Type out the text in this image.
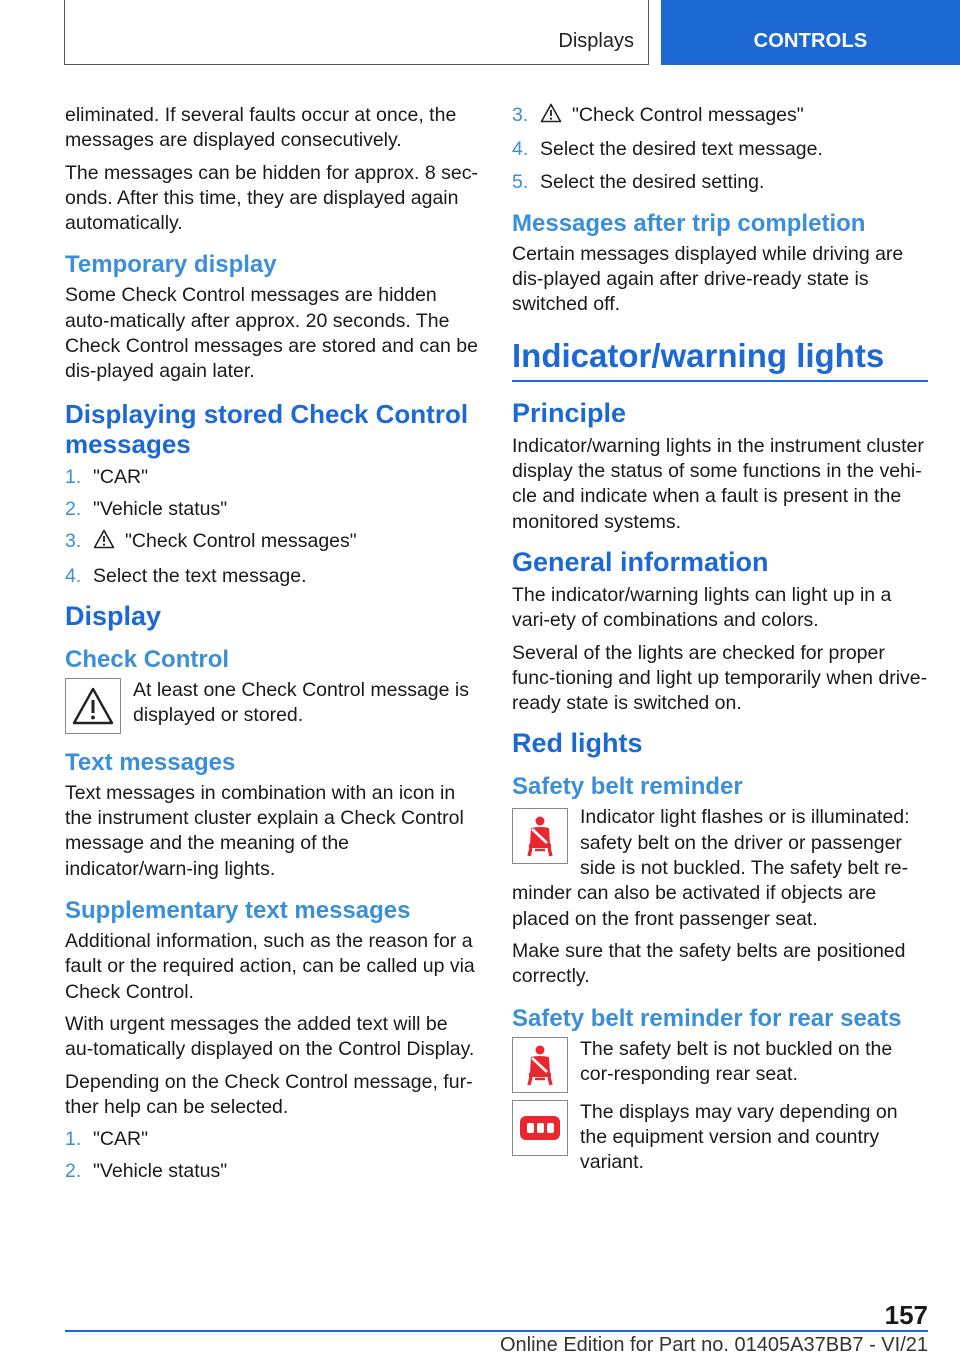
Displays	CONTROLS

eliminated. If several faults occur at once, the messages are displayed consecutively.

The messages can be hidden for approx. 8 sec‐onds. After this time, they are displayed again automatically.

Temporary display

Some Check Control messages are hidden auto‐matically after approx. 20 seconds. The Check Control messages are stored and can be dis‐played again later.

Displaying stored Check Control messages
1. "CAR"
2. "Vehicle status"
3.	"Check Control messages"
4. Select the text message.
Display
Check Control

At least one Check Control message is displayed or stored.

Text messages

Text messages in combination with an icon in the instrument cluster explain a Check Control message and the meaning of the indicator/warn‐ing lights.

Supplementary text messages

Additional information, such as the reason for a fault or the required action, can be called up via Check Control.

With urgent messages the added text will be au‐tomatically displayed on the Control Display.

Depending on the Check Control message, fur‐ther help can be selected.

1. "CAR"
2. "Vehicle status"
3.	"Check Control messages"
4. Select the desired text message.
5. Select the desired setting.
Messages after trip completion

Certain messages displayed while driving are dis‐played again after drive-ready state is switched off.

Indicator/warning lights
Principle

Indicator/warning lights in the instrument cluster display the status of some functions in the vehi‐cle and indicate when a fault is present in the monitored systems.

General information

The indicator/warning lights can light up in a vari‐ety of combinations and colors.

Several of the lights are checked for proper func‐tioning and light up temporarily when drive-ready state is switched on.

Red lights
Safety belt reminder

Indicator light flashes or is illuminated: safety belt on the driver or passenger side is not buckled. The safety belt re‐minder can also be activated if objects are placed on the front passenger seat.

Make sure that the safety belts are positioned correctly.

Safety belt reminder for rear seats

The safety belt is not buckled on the cor‐responding rear seat.

The displays may vary depending on the equipment version and country variant.

157
Online Edition for Part no. 01405A37BB7 - VI/21
